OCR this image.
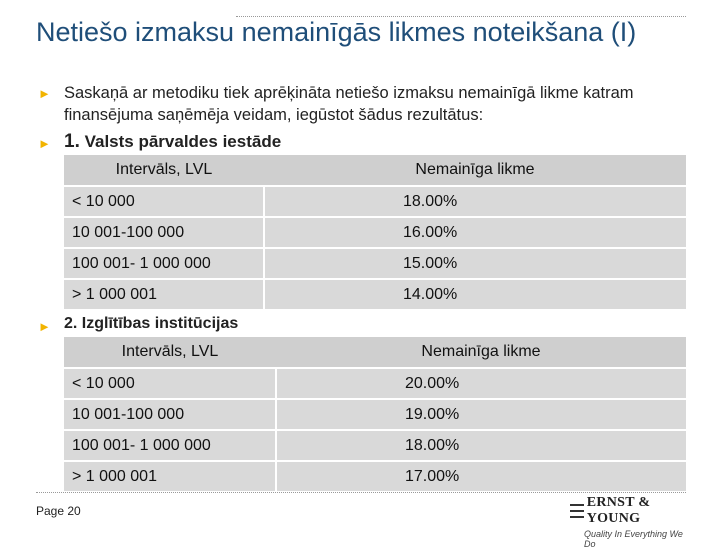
Netiešo izmaksu nemainīgās likmes noteikšana (I)
► Saskaņā ar metodiku tiek aprēķināta netiešo izmaksu nemainīgā likme katram finansējuma saņēmēja veidam, iegūstot šādus rezultātus:
► 1. Valsts pārvaldes iestāde
Intervāls, LVL	Nemainīga likme
< 10 000	18.00%
10 001-100 000	16.00%
100 001- 1 000 000	15.00%
> 1 000 001	14.00%
► 2. Izglītības institūcijas
Intervāls, LVL	Nemainīga likme
< 10 000	20.00%
10 001-100 000	19.00%
100 001- 1 000 000	18.00%
> 1 000 001	17.00%
Page 20
ERNST & YOUNG
Quality In Everything We Do
